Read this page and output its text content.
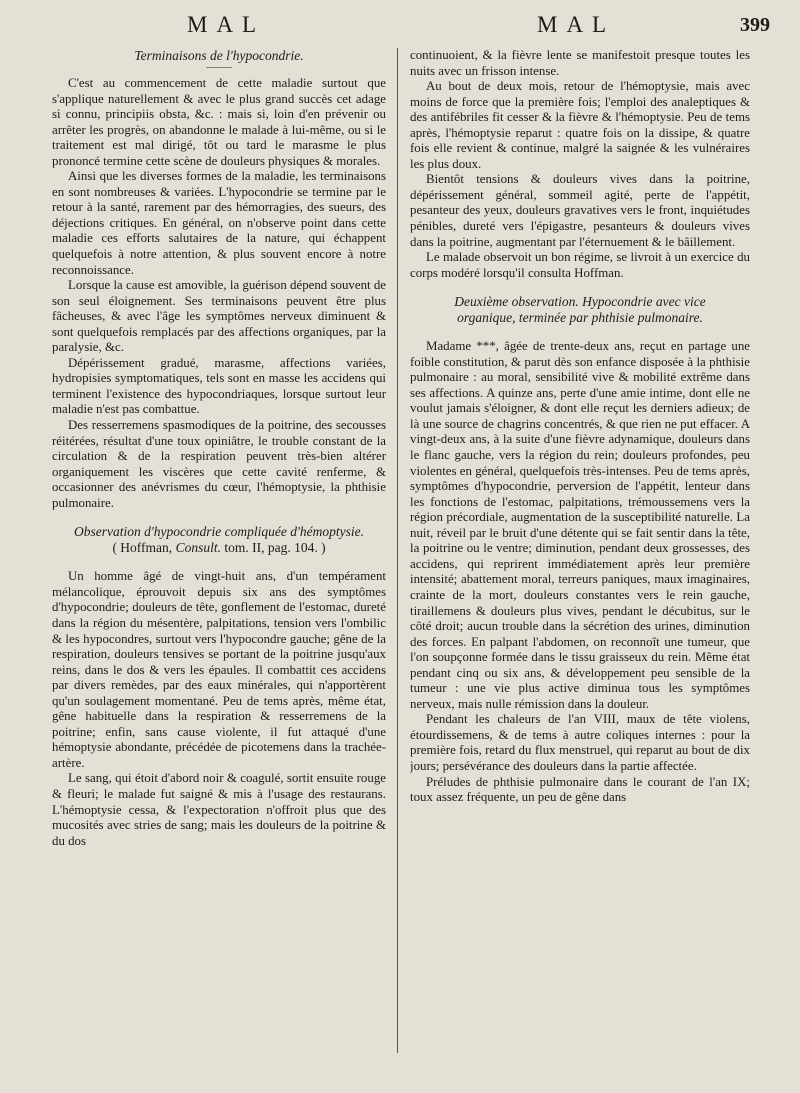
MAL	MAL	399
Terminaisons de l'hypocondrie.

C'est au commencement de cette maladie surtout que s'applique naturellement & avec le plus grand succès cet adage si connu, principiis obsta, &c. : mais si, loin d'en prévenir ou arrêter les progrès, on abandonne le malade à lui-même, ou si le traitement est mal dirigé, tôt ou tard le marasme le plus prononcé termine cette scène de douleurs physiques & morales.

Ainsi que les diverses formes de la maladie, les terminaisons en sont nombreuses & variées. L'hypocondrie se termine par le retour à la santé, rarement par des hémorragies, des sueurs, des déjections critiques. En général, on n'observe point dans cette maladie ces efforts salutaires de la nature, qui échappent quelquefois à notre attention, & plus souvent encore à notre reconnoissance.

Lorsque la cause est amovible, la guérison dépend souvent de son seul éloignement. Ses terminaisons peuvent être plus fâcheuses, & avec l'âge les symptômes nerveux diminuent & sont quelquefois remplacés par des affections organiques, par la paralysie, &c.

Dépérissement gradué, marasme, affections variées, hydropisies symptomatiques, tels sont en masse les accidens qui terminent l'existence des hypocondriaques, lorsque surtout leur maladie n'est pas combattue.

Des resserremens spasmodiques de la poitrine, des secousses réitérées, résultat d'une toux opiniâtre, le trouble constant de la circulation & de la respiration peuvent très-bien altérer organiquement les viscères que cette cavité renferme, & occasionner des anévrismes du cœur, l'hémoptysie, la phthisie pulmonaire.

Observation d'hypocondrie compliquée d'hémoptysie.
( Hoffman, Consult. tom. II, pag. 104. )

Un homme âgé de vingt-huit ans, d'un tempérament mélancolique, éprouvoit depuis six ans des symptômes d'hypocondrie; douleurs de tête, gonflement de l'estomac, dureté dans la région du mésentère, palpitations, tension vers l'ombilic & les hypocondres, surtout vers l'hypocondre gauche; gêne de la respiration, douleurs tensives se portant de la poitrine jusqu'aux reins, dans le dos & vers les épaules. Il combattit ces accidens par divers remèdes, par des eaux minérales, qui n'apportèrent qu'un soulagement momentané. Peu de tems après, même état, gêne habituelle dans la respiration & resserremens de la poitrine; enfin, sans cause violente, il fut attaqué d'une hémoptysie abondante, précédée de picotemens dans la trachée-artère.

Le sang, qui étoit d'abord noir & coagulé, sortit ensuite rouge & fleuri; le malade fut saigné & mis à l'usage des restaurans. L'hémoptysie cessa, & l'expectoration n'offroit plus que des mucosités avec stries de sang; mais les douleurs de la poitrine & du dos

continuoient, & la fièvre lente se manifestoit presque toutes les nuits avec un frisson intense.

Au bout de deux mois, retour de l'hémoptysie, mais avec moins de force que la première fois; l'emploi des analeptiques & des antifébriles fit cesser & la fièvre & l'hémoptysie. Peu de tems après, l'hémoptysie reparut : quatre fois on la dissipe, & quatre fois elle revient & continue, malgré la saignée & les vulnéraires les plus doux.

Bientôt tensions & douleurs vives dans la poitrine, dépérissement général, sommeil agité, perte de l'appétit, pesanteur des yeux, douleurs gravatives vers le front, inquiétudes pénibles, dureté vers l'épigastre, pesanteurs & douleurs vives dans la poitrine, augmentant par l'éternuement & le bâillement.

Le malade observoit un bon régime, se livroit à un exercice du corps modéré lorsqu'il consulta Hoffman.

Deuxième observation. Hypocondrie avec vice
organique, terminée par phthisie pulmonaire.

Madame ***, âgée de trente-deux ans, reçut en partage une foible constitution, & parut dès son enfance disposée à la phthisie pulmonaire : au moral, sensibilité vive & mobilité extrême dans ses affections. A quinze ans, perte d'une amie intime, dont elle ne voulut jamais s'éloigner, & dont elle reçut les derniers adieux; de là une source de chagrins concentrés, & que rien ne put effacer. A vingt-deux ans, à la suite d'une fièvre adynamique, douleurs dans le flanc gauche, vers la région du rein; douleurs profondes, peu violentes en général, quelquefois très-intenses. Peu de tems après, symptômes d'hypocondrie, perversion de l'appétit, lenteur dans les fonctions de l'estomac, palpitations, trémoussemens vers la région précordiale, augmentation de la susceptibilité naturelle. La nuit, réveil par le bruit d'une détente qui se fait sentir dans la tête, la poitrine ou le ventre; diminution, pendant deux grossesses, des accidens, qui reprirent immédiatement après leur première intensité; abattement moral, terreurs paniques, maux imaginaires, crainte de la mort, douleurs constantes vers le rein gauche, tiraillemens & douleurs plus vives, pendant le décubitus, sur le côté droit; aucun trouble dans la sécrétion des urines, diminution des forces. En palpant l'abdomen, on reconnoît une tumeur, que l'on soupçonne formée dans le tissu graisseux du rein. Même état pendant cinq ou six ans, & développement peu sensible de la tumeur : une vie plus active diminua tous les symptômes nerveux, mais nulle rémission dans la douleur.

Pendant les chaleurs de l'an VIII, maux de tête violens, étourdissemens, & de tems à autre coliques internes : pour la première fois, retard du flux menstruel, qui reparut au bout de dix jours; persévérance des douleurs dans la partie affectée.

Préludes de phthisie pulmonaire dans le courant de l'an IX; toux assez fréquente, un peu de gêne dans
